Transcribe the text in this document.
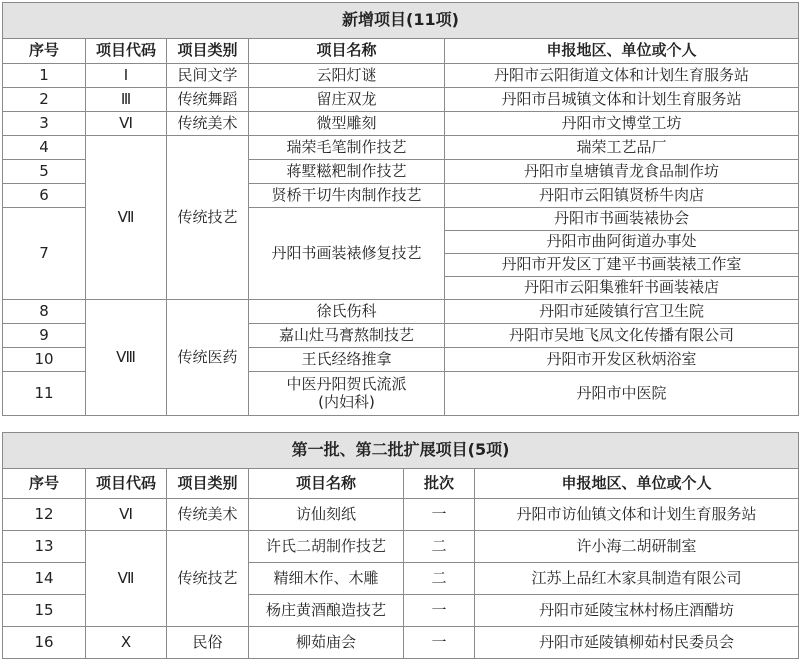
新增项目(11项)				
序号	项目代码	项目类别	项目名称	申报地区、单位或个人
1	Ⅰ	民间文学	云阳灯谜	丹阳市云阳街道文体和计划生育服务站
2	Ⅲ	传统舞蹈	留庄双龙	丹阳市吕城镇文体和计划生育服务站
3	Ⅵ	传统美术	微型雕刻	丹阳市文博堂工坊
4	Ⅶ	传统技艺	瑞荣毛笔制作技艺	瑞荣工艺品厂
5			蒋墅糍粑制作技艺	丹阳市皇塘镇青龙食品制作坊
6			贤桥干切牛肉制作技艺	丹阳市云阳镇贤桥牛肉店
7			丹阳书画装裱修复技艺	丹阳市书画装裱协会
				丹阳市曲阿街道办事处
				丹阳市开发区丁建平书画装裱工作室
				丹阳市云阳集雅轩书画装裱店
8	Ⅷ	传统医药	徐氏伤科	丹阳市延陵镇行宫卫生院
9			嘉山灶马膏熬制技艺	丹阳市吴地飞凤文化传播有限公司
10			王氏经络推拿	丹阳市开发区秋炳浴室
11			中医丹阳贺氏流派
(内妇科)	丹阳市中医院
第一批、第二批扩展项目(5项)					
序号	项目代码	项目类别	项目名称	批次	申报地区、单位或个人
12	Ⅵ	传统美术	访仙刻纸	一	丹阳市访仙镇文体和计划生育服务站
13	Ⅶ	传统技艺	许氏二胡制作技艺	二	许小海二胡研制室
14			精细木作、木雕	二	江苏上品红木家具制造有限公司
15			杨庄黄酒酿造技艺	一	丹阳市延陵宝林村杨庄酒醋坊
16	Ⅹ	民俗	柳茹庙会	一	丹阳市延陵镇柳茹村民委员会
